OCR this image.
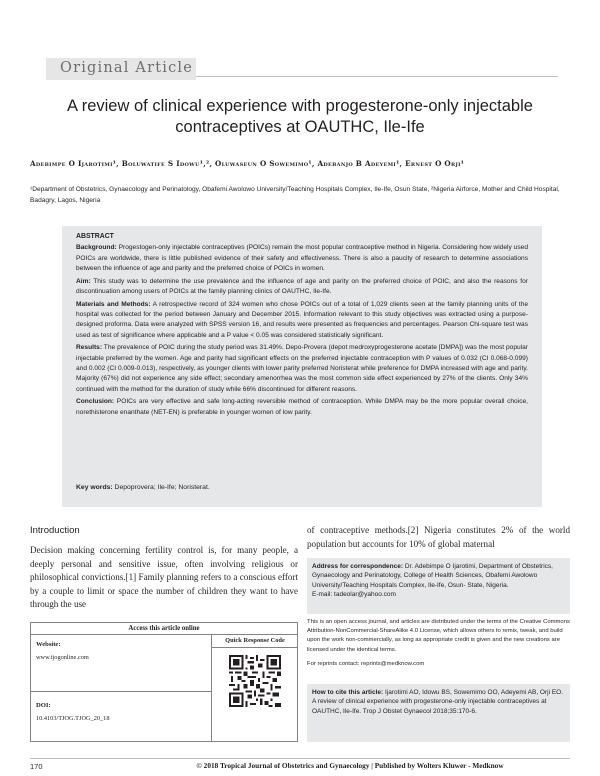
Original Article
A review of clinical experience with progesterone-only injectable contraceptives at OAUTHC, Ile-Ife
Adebimpe O Ijarotimi¹, Boluwatife S Idowu¹,², Oluwaseun O Sowemimo¹, Adebanjo B Adeyemi¹, Ernest O Orji¹
¹Department of Obstetrics, Gynaecology and Perinatology, Obafemi Awolowo University/Teaching Hospitals Complex, Ile-Ife, Osun State, ²Nigeria Airforce, Mother and Child Hospital, Badagry, Lagos, Nigeria
ABSTRACT
Background: Progestogen-only injectable contraceptives (POICs) remain the most popular contraceptive method in Nigeria. Considering how widely used POICs are worldwide, there is little published evidence of their safety and effectiveness. There is also a paucity of research to determine associations between the influence of age and parity and the preferred choice of POICs in women.
Aim: This study was to determine the use prevalence and the influence of age and parity on the preferred choice of POIC, and also the reasons for discontinuation among users of POICs at the family planning clinics of OAUTHC, Ile-Ife.
Materials and Methods: A retrospective record of 324 women who chose POICs out of a total of 1,029 clients seen at the family planning units of the hospital was collected for the period between January and December 2015. Information relevant to this study objectives was extracted using a purpose-designed proforma. Data were analyzed with SPSS version 16, and results were presented as frequencies and percentages. Pearson Chi-square test was used as test of significance where applicable and a P value < 0.05 was considered statistically significant.
Results: The prevalence of POIC during the study period was 31.49%. Depo-Provera (depot medroxyprogesterone acetate [DMPA]) was the most popular injectable preferred by the women. Age and parity had significant effects on the preferred injectable contraception with P values of 0.032 (CI 0.068-0.099) and 0.002 (CI 0.009-0.013), respectively, as younger clients with lower parity preferred Noristerat while preference for DMPA increased with age and parity. Majority (67%) did not experience any side effect; secondary amenorrhea was the most common side effect experienced by 27% of the clients. Only 34% continued with the method for the duration of study while 66% discontinued for different reasons.
Conclusion: POICs are very effective and safe long-acting reversible method of contraception. While DMPA may be the more popular overall choice, norethisterone enanthate (NET-EN) is preferable in younger women of low parity.
Key words: Depoprovera; Ile-Ife; Noristerat.
Introduction
Decision making concerning fertility control is, for many people, a deeply personal and sensitive issue, often involving religious or philosophical convictions.[1] Family planning refers to a conscious effort by a couple to limit or space the number of children they want to have through the use
of contraceptive methods.[2] Nigeria constitutes 2% of the world population but accounts for 10% of global maternal
Access this article online
Website:
www.tjogonline.com
DOI:
10.4103/TJOG.TJOG_20_18
Quick Response Code
Address for correspondence: Dr. Adebimpe O Ijarotimi, Department of Obstetrics, Gynaecology and Perinatology, College of Health Sciences, Obafemi Awolowo University/Teaching Hospitals Complex, Ile-Ife, Osun- State, Nigeria.
E-mail: tadeolar@yahoo.com
This is an open access journal, and articles are distributed under the terms of the Creative Commons Attribution-NonCommercial-ShareAlike 4.0 License, which allows others to remix, tweak, and build upon the work non-commercially, as long as appropriate credit is given and the new creations are licensed under the identical terms.
For reprints contact: reprints@medknow.com
How to cite this article: Ijarotimi AO, Idowu BS, Sowemimo OO, Adeyemi AB, Orji EO. A review of clinical experience with progesterone-only injectable contraceptives at OAUTHC, Ile-Ife. Trop J Obstet Gynaecol 2018;35:170-6.
170	© 2018 Tropical Journal of Obstetrics and Gynaecology | Published by Wolters Kluwer - Medknow
